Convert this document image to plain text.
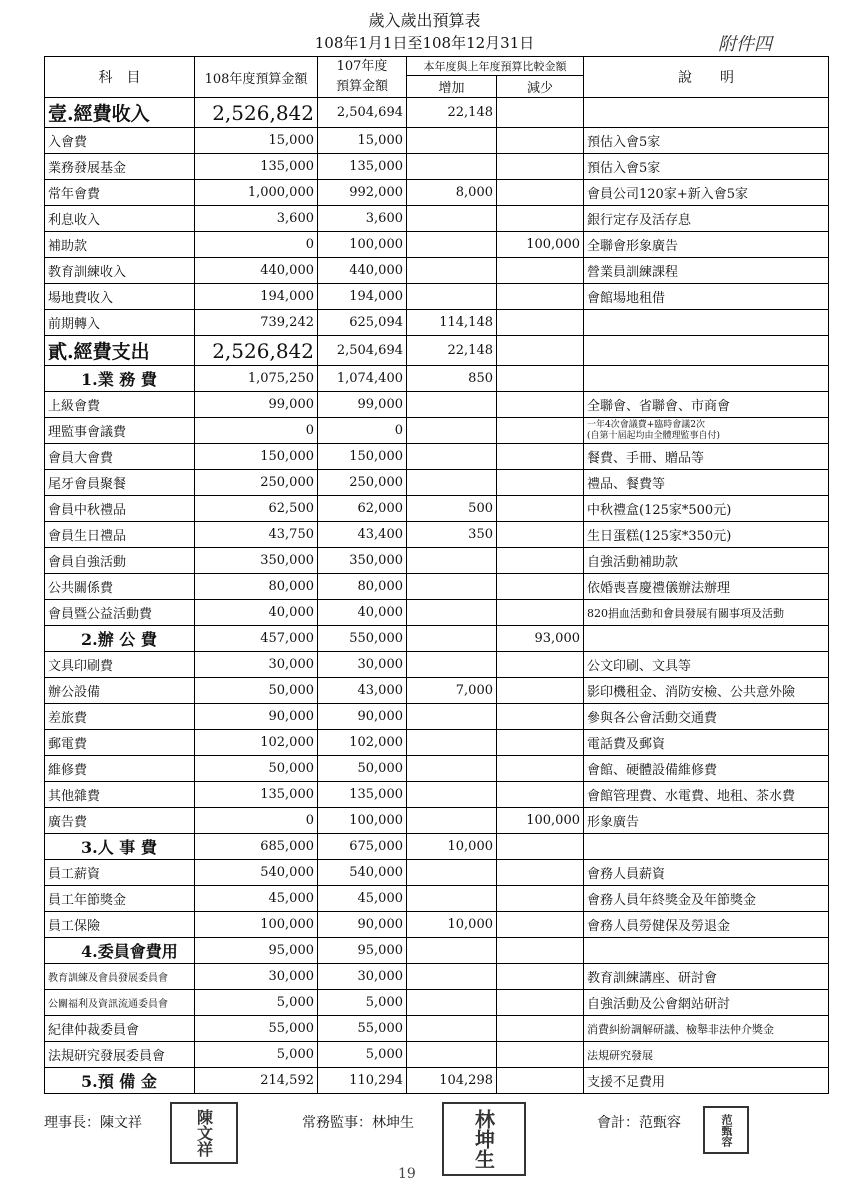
歲入歲出預算表
108年1月1日至108年12月31日	附件四
科　目	108年度預算金額	107年度
預算金額	本年度與上年度預算比較金額		說　　明
			增加	減少	
壹.經費收入	2,526,842	2,504,694	22,148		
入會費	15,000	15,000			預估入會5家
業務發展基金	135,000	135,000			預估入會5家
常年會費	1,000,000	992,000	8,000		會員公司120家+新入會5家
利息收入	3,600	3,600			銀行定存及活存息
補助款	0	100,000		100,000	全聯會形象廣告
教育訓練收入	440,000	440,000			營業員訓練課程
場地費收入	194,000	194,000			會館場地租借
前期轉入	739,242	625,094	114,148		
貳.經費支出	2,526,842	2,504,694	22,148		
1.業 務 費	1,075,250	1,074,400	850		
上級會費	99,000	99,000			全聯會、省聯會、市商會
理監事會議費	0	0			一年4次會議費+臨時會議2次
(自第十屆起均由全體理監事自付)
會員大會費	150,000	150,000			餐費、手冊、贈品等
尾牙會員聚餐	250,000	250,000			禮品、餐費等
會員中秋禮品	62,500	62,000	500		中秋禮盒(125家*500元)
會員生日禮品	43,750	43,400	350		生日蛋糕(125家*350元)
會員自強活動	350,000	350,000			自強活動補助款
公共關係費	80,000	80,000			依婚喪喜慶禮儀辦法辦理
會員暨公益活動費	40,000	40,000			820捐血活動和會員發展有關事項及活動
2.辦 公 費	457,000	550,000		93,000	
文具印刷費	30,000	30,000			公文印刷、文具等
辦公設備	50,000	43,000	7,000		影印機租金、消防安檢、公共意外險
差旅費	90,000	90,000			參與各公會活動交通費
郵電費	102,000	102,000			電話費及郵資
維修費	50,000	50,000			會館、硬體設備維修費
其他雜費	135,000	135,000			會館管理費、水電費、地租、茶水費
廣告費	0	100,000		100,000	形象廣告
3.人 事 費	685,000	675,000	10,000		
員工薪資	540,000	540,000			會務人員薪資
員工年節獎金	45,000	45,000			會務人員年終獎金及年節獎金
員工保險	100,000	90,000	10,000		會務人員勞健保及勞退金
4.委員會費用	95,000	95,000			
教育訓練及會員發展委員會	30,000	30,000			教育訓練講座、研討會
公關福利及資訊流通委員會	5,000	5,000			自強活動及公會網站研討
紀律仲裁委員會	55,000	55,000			消費糾紛調解研議、檢舉非法仲介獎金
法規研究發展委員會	5,000	5,000			法規研究發展
5.預 備 金	214,592	110,294	104,298		支援不足費用
理事長：陳文祥	常務監事：林坤生	會計：范甄容
陳文祥	林坤生	范甄容
19
